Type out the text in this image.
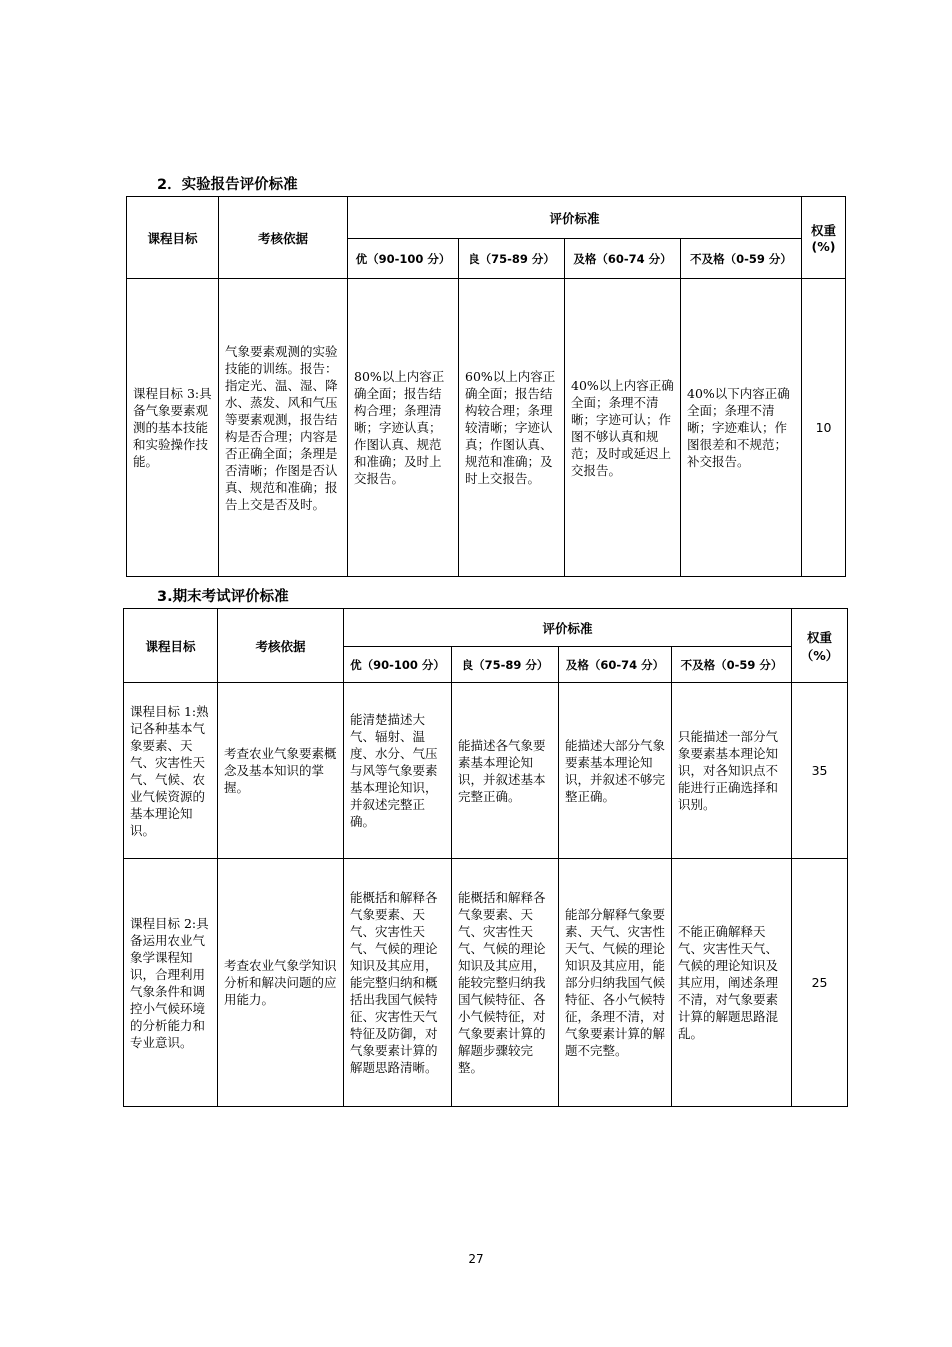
2．实验报告评价标准
课程目标	考核依据	评价标准				权重(%)
		优（90-100 分）	良（75-89 分）	及格（60-74 分）	不及格（0-59 分）	
课程目标 3:具备气象要素观测的基本技能和实验操作技能。	气象要素观测的实验技能的训练。报告：指定光、温、湿、降水、蒸发、风和气压等要素观测，报告结构是否合理；内容是否正确全面；条理是否清晰；作图是否认真、规范和准确；报告上交是否及时。	80%以上内容正确全面；报告结构合理；条理清晰；字迹认真；作图认真、规范和准确；及时上交报告。	60%以上内容正确全面；报告结构较合理；条理较清晰；字迹认真；作图认真、规范和准确；及时上交报告。	40%以上内容正确全面；条理不清晰；字迹可认；作图不够认真和规范；及时或延迟上交报告。	40%以下内容正确全面；条理不清晰；字迹难认；作图很差和不规范；补交报告。	10
3.期末考试评价标准
课程目标	考核依据	评价标准				权重（%）
		优（90-100 分）	良（75-89 分）	及格（60-74 分）	不及格（0-59 分）	
课程目标 1:熟记各种基本气象要素、天气、灾害性天气、气候、农业气候资源的基本理论知识。	考查农业气象要素概念及基本知识的掌握。	能清楚描述大气、辐射、温度、水分、气压与风等气象要素基本理论知识，并叙述完整正确。	能描述各气象要素基本理论知识，并叙述基本完整正确。	能描述大部分气象要素基本理论知识，并叙述不够完整正确。	只能描述一部分气象要素基本理论知识，对各知识点不能进行正确选择和识别。	35
课程目标 2:具备运用农业气象学课程知识，合理利用气象条件和调控小气候环境的分析能力和专业意识。	考查农业气象学知识分析和解决问题的应用能力。	能概括和解释各气象要素、天气、灾害性天气、气候的理论知识及其应用，能完整归纳和概括出我国气候特征、灾害性天气特征及防御，对气象要素计算的解题思路清晰。	能概括和解释各气象要素、天气、灾害性天气、气候的理论知识及其应用，能较完整归纳我国气候特征、各小气候特征，对气象要素计算的解题步骤较完整。	能部分解释气象要素、天气、灾害性天气、气候的理论知识及其应用，能部分归纳我国气候特征、各小气候特征，条理不清，对气象要素计算的解题不完整。	不能正确解释天气、灾害性天气、气候的理论知识及其应用，阐述条理不清，对气象要素计算的解题思路混乱。	25
27
